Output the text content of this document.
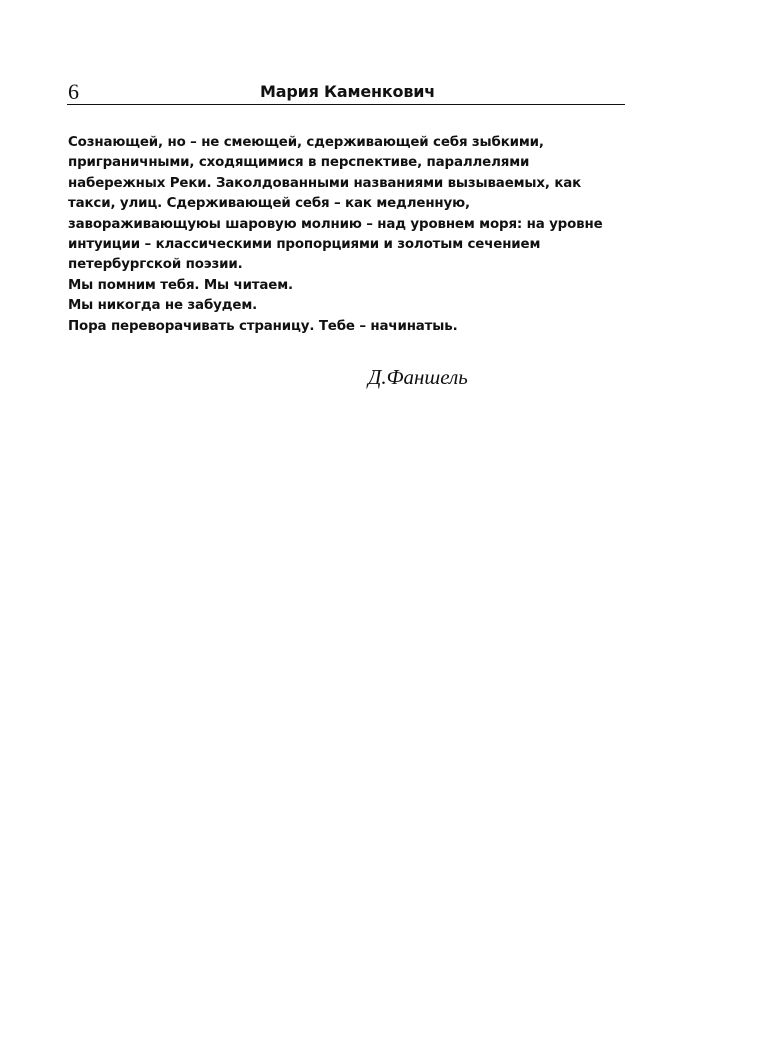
6	Мария Каменкович
Сознающей, но – не смеющей, сдерживающей себя зыбкими,
приграничными, сходящимися в перспективе, параллелями
набережных Реки. Заколдованными названиями вызываемых, как
такси, улиц. Сдерживающей себя – как медленную,
завораживающуюы шаровую молнию – над уровнем моря: на уровне
интуиции – классическими пропорциями и золотым сечением
петербургской поэзии.
Мы помним тебя. Мы читаем.
Мы никогда не забудем.
Пора переворачивать страницу. Тебе – начинатыь.
Д.Фаншель
